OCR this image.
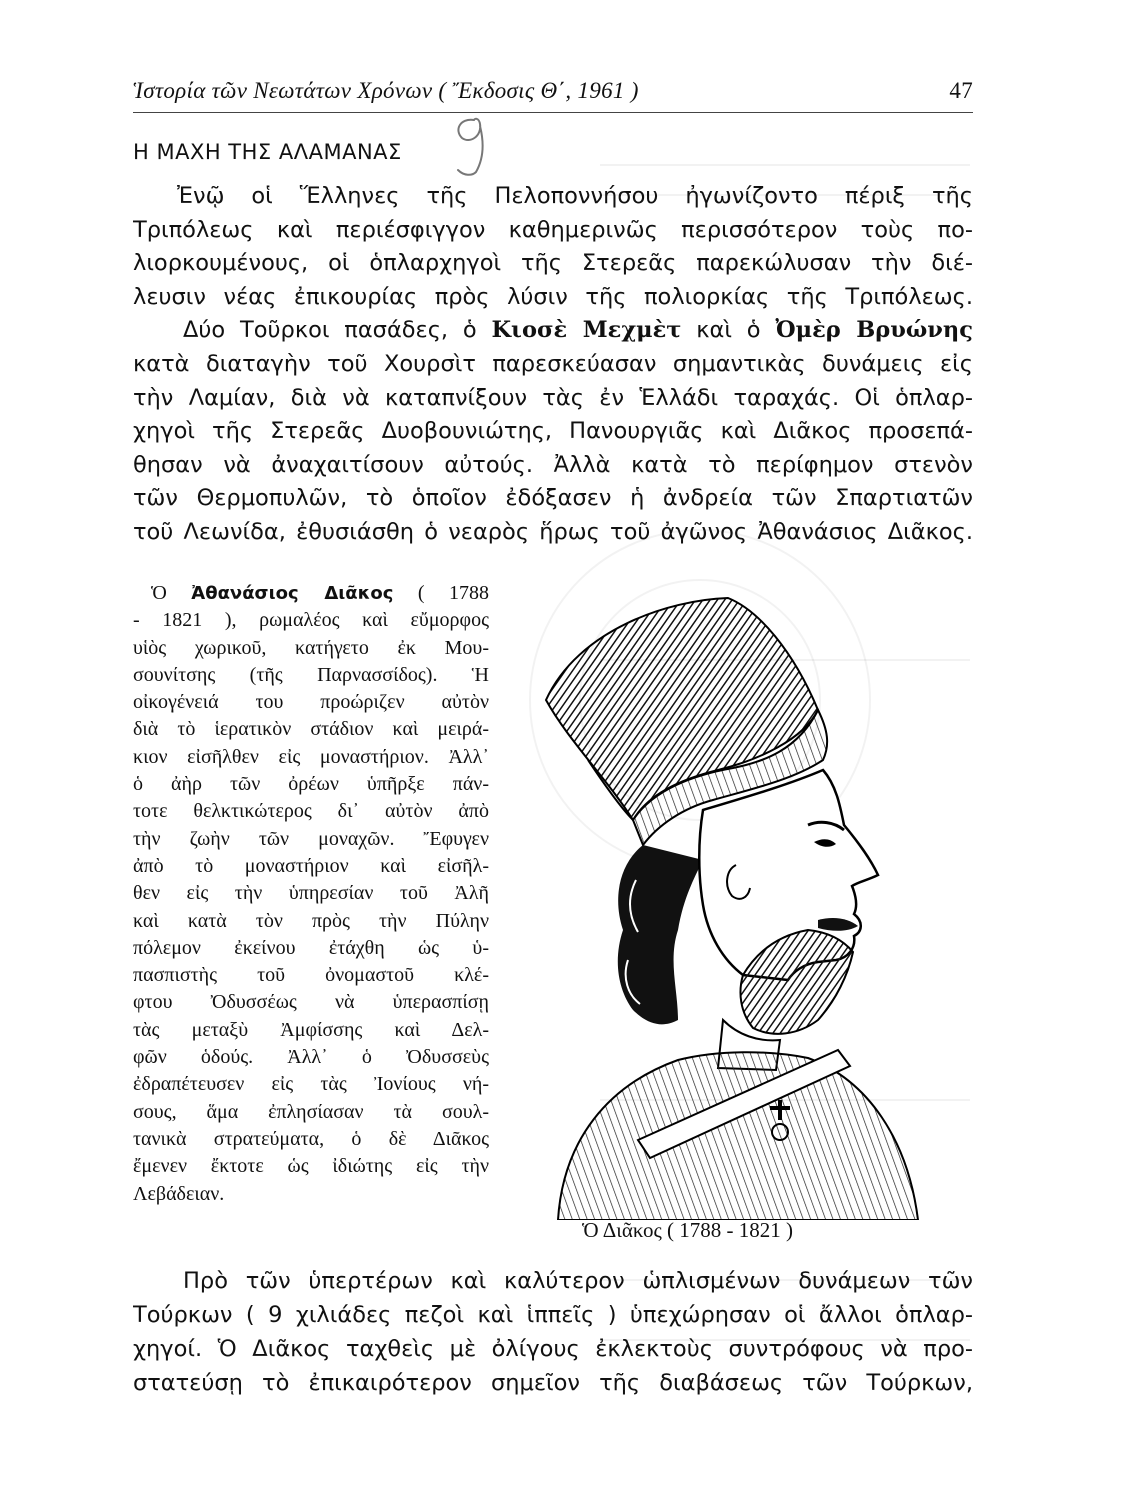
Ἱστορία τῶν Νεωτάτων Χρόνων ( Ἔκδοσις Θ΄, 1961 )	47
Η ΜΑΧΗ ΤΗΣ ΑΛΑΜΑΝΑΣ
Ἐνῷ οἱ Ἕλληνες τῆς Πελοποννήσου ἠγωνίζοντο πέριξ τῆς
Τριπόλεως καὶ περιέσφιγγον καθημερινῶς περισσότερον τοὺς πο-
λιορκουμένους, οἱ ὁπλαρχηγοὶ τῆς Στερεᾶς παρεκώλυσαν τὴν διέ-
λευσιν νέας ἐπικουρίας πρὸς λύσιν τῆς πολιορκίας τῆς Τριπόλεως.
Δύο Τοῦρκοι πασάδες, ὁ Κιοσὲ Μεχμὲτ καὶ ὁ Ὀμὲρ Βρυώνης
κατὰ διαταγὴν τοῦ Χουρσὶτ παρεσκεύασαν σημαντικὰς δυνάμεις εἰς
τὴν Λαμίαν, διὰ νὰ καταπνίξουν τὰς ἐν Ἑλλάδι ταραχάς. Οἱ ὁπλαρ-
χηγοὶ τῆς Στερεᾶς Δυοβουνιώτης, Πανουργιᾶς καὶ Διᾶκος προσεπά-
θησαν νὰ ἀναχαιτίσουν αὐτούς. Ἀλλὰ κατὰ τὸ περίφημον στενὸν
τῶν Θερμοπυλῶν, τὸ ὁποῖον ἐδόξασεν ἡ ἀνδρεία τῶν Σπαρτιατῶν
τοῦ Λεωνίδα, ἐθυσιάσθη ὁ νεαρὸς ἥρως τοῦ ἀγῶνος Ἀθανάσιος Διᾶκος.
Ὁ Ἀθανάσιος Διᾶκος ( 1788
- 1821 ), ρωμαλέος καὶ εὔμορφος
υἱὸς χωρικοῦ, κατήγετο ἐκ Μου-
σουνίτσης (τῆς Παρνασσίδος). Ἡ
οἰκογένειά του προώριζεν αὐτὸν
διὰ τὸ ἱερατικὸν στάδιον καὶ μειρά-
κιον εἰσῆλθεν εἰς μοναστήριον. Ἀλλ᾽
ὁ ἀὴρ τῶν ὀρέων ὑπῆρξε πάν-
τοτε θελκτικώτερος δι᾽ αὐτὸν ἀπὸ
τὴν ζωὴν τῶν μοναχῶν. Ἔφυγεν
ἀπὸ τὸ μοναστήριον καὶ εἰσῆλ-
θεν εἰς τὴν ὑπηρεσίαν τοῦ Ἀλῆ
καὶ κατὰ τὸν πρὸς τὴν Πύλην
πόλεμον ἐκείνου ἐτάχθη ὡς ὑ-
πασπιστὴς τοῦ ὀνομαστοῦ κλέ-
φτου Ὀδυσσέως νὰ ὑπερασπίσῃ
τὰς μεταξὺ Ἀμφίσσης καὶ Δελ-
φῶν ὁδούς. Ἀλλ᾽ ὁ Ὀδυσσεὺς
ἐδραπέτευσεν εἰς τὰς Ἰονίους νή-
σους, ἅμα ἐπλησίασαν τὰ σουλ-
τανικὰ στρατεύματα, ὁ δὲ Διᾶκος
ἔμενεν ἔκτοτε ὡς ἰδιώτης εἰς τὴν
Λεβάδειαν.
Ὁ Διᾶκος ( 1788 - 1821 )
Πρὸ τῶν ὑπερτέρων καὶ καλύτερον ὡπλισμένων δυνάμεων τῶν
Τούρκων ( 9 χιλιάδες πεζοὶ καὶ ἱππεῖς ) ὑπεχώρησαν οἱ ἄλλοι ὁπλαρ-
χηγοί. Ὁ Διᾶκος ταχθεὶς μὲ ὀλίγους ἐκλεκτοὺς συντρόφους νὰ προ-
στατεύσῃ τὸ ἐπικαιρότερον σημεῖον τῆς διαβάσεως τῶν Τούρκων,
